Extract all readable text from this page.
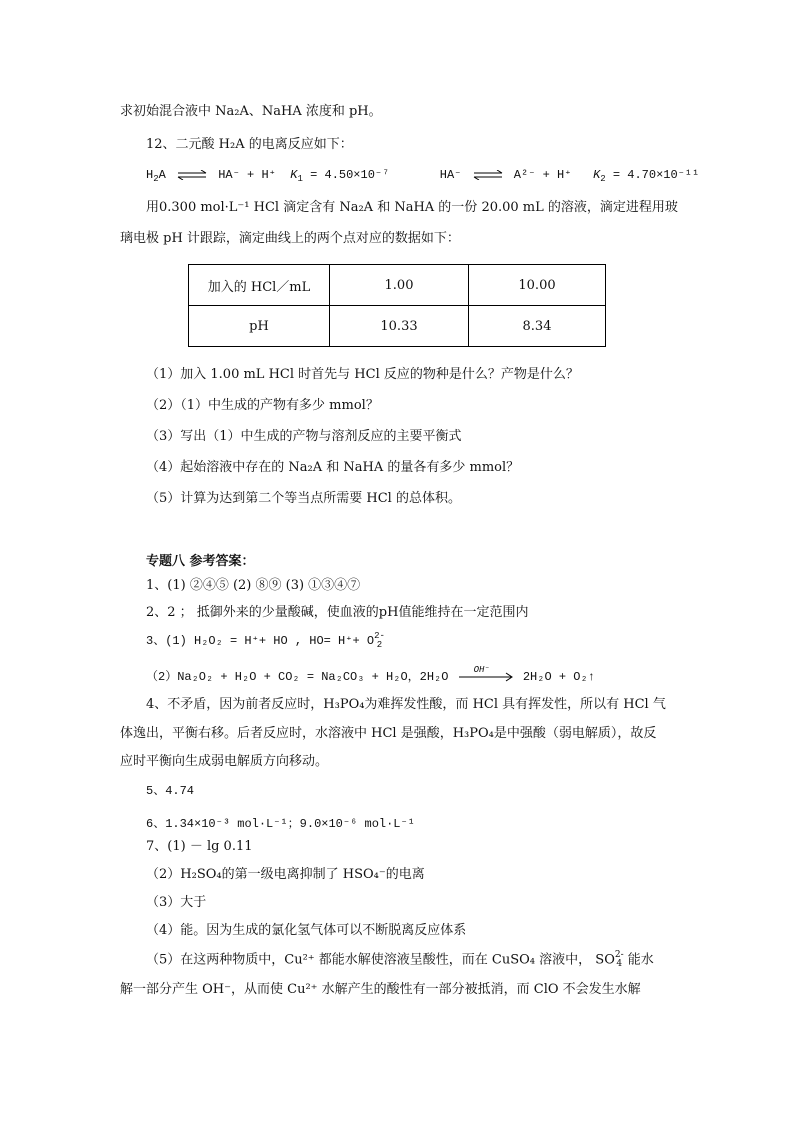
求初始混合液中 Na₂A、NaHA 浓度和 pH。
12、二元酸 H₂A 的电离反应如下：
$H_2A$ ⇌ HA⁻ + H⁺ $K_1 = 4.50\times 10^{-7}$	HA⁻ ⇌ A²⁻ + H⁺ $K_2 = 4.70\times 10^{-11}$
用0.300 mol·L⁻¹ HCl 滴定含有 Na₂A 和 NaHA 的一份 20.00 mL 的溶液，滴定进程用玻
璃电极 pH 计跟踪，滴定曲线上的两个点对应的数据如下：
加入的 HCl／mL	1.00	10.00
pH	10.33	8.34
（1）加入 1.00 mL HCl 时首先与 HCl 反应的物种是什么？产物是什么？
（2）（1）中生成的产物有多少 mmol？
（3）写出（1）中生成的产物与溶剂反应的主要平衡式
（4）起始溶液中存在的 Na₂A 和 NaHA 的量各有多少 mmol？
（5）计算为达到第二个等当点所需要 HCl 的总体积。
专题八 参考答案：
1、(1) ②④⑤ (2) ⑧⑨ (3) ①③④⑦
2、2 ； 抵御外来的少量酸碱，使血液的pH值能维持在一定范围内
3、(1) H₂O₂ = H⁺+ HO , HO= H⁺+ O 2-
2
（2）Na₂O₂ + H₂O + CO₂ = Na₂CO₃ + H₂O，2H₂O
OH⁻
2H₂O + O₂↑
4、不矛盾，因为前者反应时，H₃PO₄为难挥发性酸，而 HCl 具有挥发性，所以有 HCl 气
体逸出，平衡右移。后者反应时，水溶液中 HCl 是强酸，H₃PO₄是中强酸（弱电解质），故反
应时平衡向生成弱电解质方向移动。
5、4.74
6、1.34×10⁻³ mol·L⁻¹；9.0×10⁻⁶ mol·L⁻¹
7、(1) － lg 0.11
（2）H₂SO₄的第一级电离抑制了 HSO₄⁻的电离
（3）大于
（4）能。因为生成的氯化氢气体可以不断脱离反应体系
（5）在这两种物质中，Cu²⁺ 都能水解使溶液呈酸性，而在 CuSO₄ 溶液中， SO 2-
4 能水
解一部分产生 OH⁻，从而使 Cu²⁺ 水解产生的酸性有一部分被抵消，而 ClO 不会发生水解
